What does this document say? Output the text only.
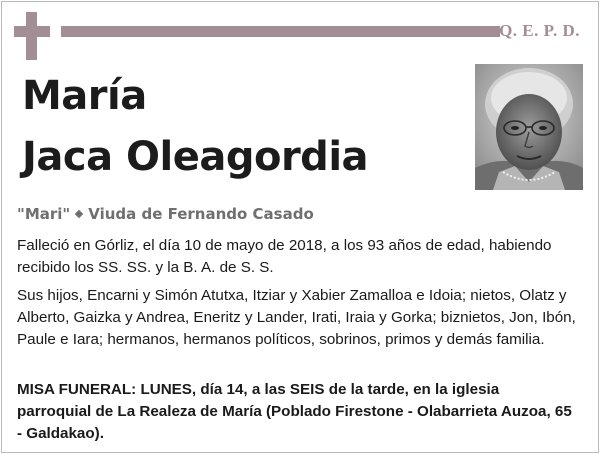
Q. E. P. D.
María
Jaca Oleagordia
"Mari" Viuda de Fernando Casado
Falleció en Górliz, el día 10 de mayo de 2018, a los 93 años de edad, habiendo recibido los SS. SS. y la B. A. de S. S.
Sus hijos, Encarni y Simón Atutxa, Itziar y Xabier Zamalloa e Idoia; nietos, Olatz y Alberto, Gaizka y Andrea, Eneritz y Lander, Irati, Iraia y Gorka; biznietos, Jon, Ibón, Paule e Iara; hermanos, hermanos políticos, sobrinos, primos y demás familia.
MISA FUNERAL: LUNES, día 14, a las SEIS de la tarde, en la iglesia parroquial de La Realeza de María (Poblado Firestone - Olabarrieta Auzoa, 65 - Galdakao).
